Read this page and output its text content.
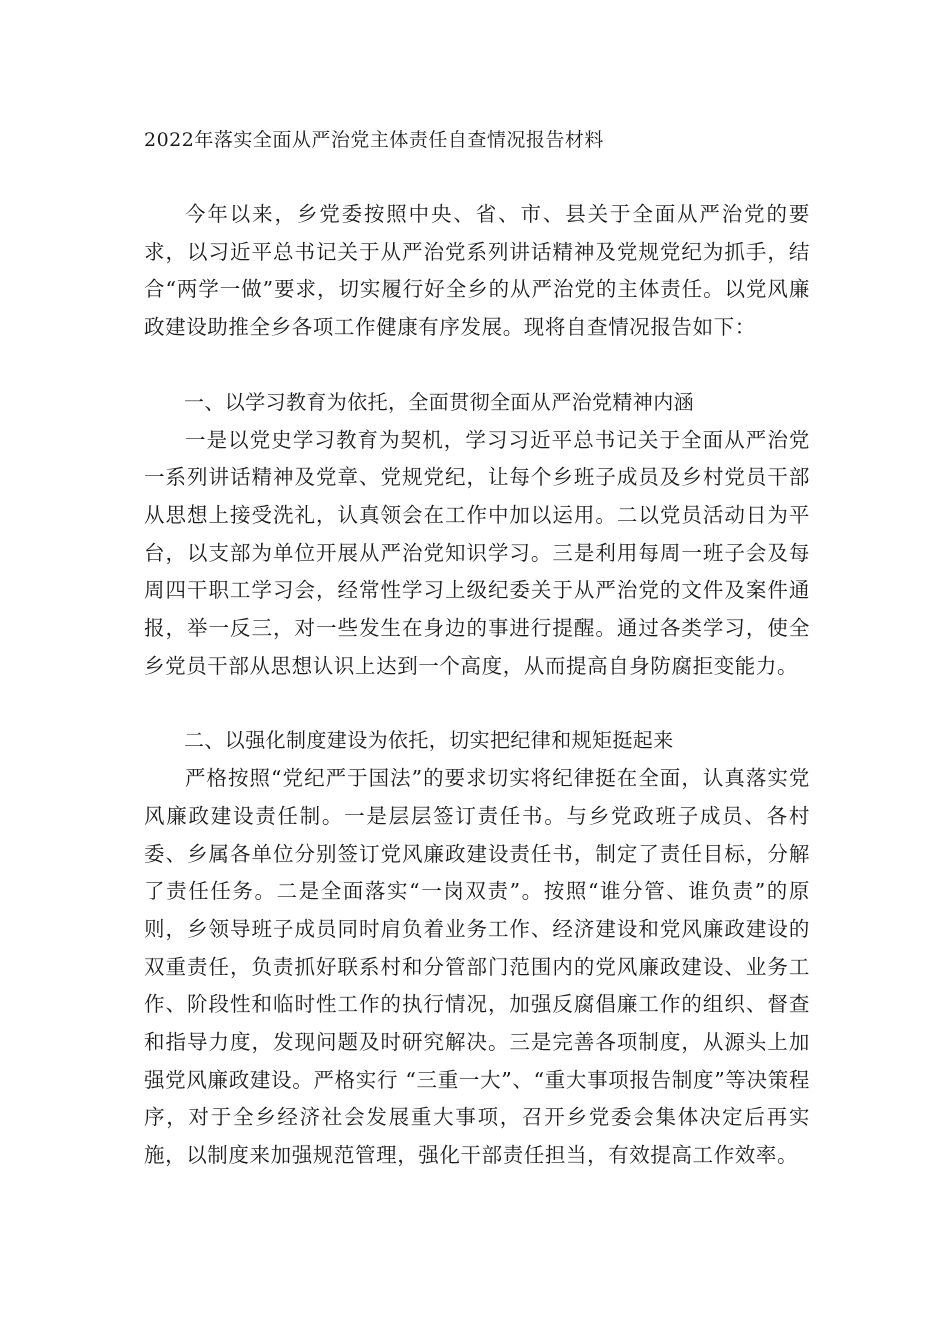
2022年落实全面从严治党主体责任自查情况报告材料

今年以来，乡党委按照中央、省、市、县关于全面从严治党的要求，以习近平总书记关于从严治党系列讲话精神及党规党纪为抓手，结合“两学一做”要求，切实履行好全乡的从严治党的主体责任。以党风廉政建设助推全乡各项工作健康有序发展。现将自查情况报告如下：

一、以学习教育为依托，全面贯彻全面从严治党精神内涵

一是以党史学习教育为契机，学习习近平总书记关于全面从严治党一系列讲话精神及党章、党规党纪，让每个乡班子成员及乡村党员干部从思想上接受洗礼，认真领会在工作中加以运用。二以党员活动日为平台，以支部为单位开展从严治党知识学习。三是利用每周一班子会及每周四干职工学习会，经常性学习上级纪委关于从严治党的文件及案件通报，举一反三，对一些发生在身边的事进行提醒。通过各类学习，使全乡党员干部从思想认识上达到一个高度，从而提高自身防腐拒变能力。

二、以强化制度建设为依托，切实把纪律和规矩挺起来

严格按照“党纪严于国法”的要求切实将纪律挺在全面，认真落实党风廉政建设责任制。一是层层签订责任书。与乡党政班子成员、各村委、乡属各单位分别签订党风廉政建设责任书，制定了责任目标，分解了责任任务。二是全面落实“一岗双责”。按照“谁分管、谁负责”的原则，乡领导班子成员同时肩负着业务工作、经济建设和党风廉政建设的双重责任，负责抓好联系村和分管部门范围内的党风廉政建设、业务工作、阶段性和临时性工作的执行情况，加强反腐倡廉工作的组织、督查和指导力度，发现问题及时研究解决。三是完善各项制度，从源头上加强党风廉政建设。严格实行 “三重一大”、“重大事项报告制度”等决策程序，对于全乡经济社会发展重大事项，召开乡党委会集体决定后再实施，以制度来加强规范管理，强化干部责任担当，有效提高工作效率。
